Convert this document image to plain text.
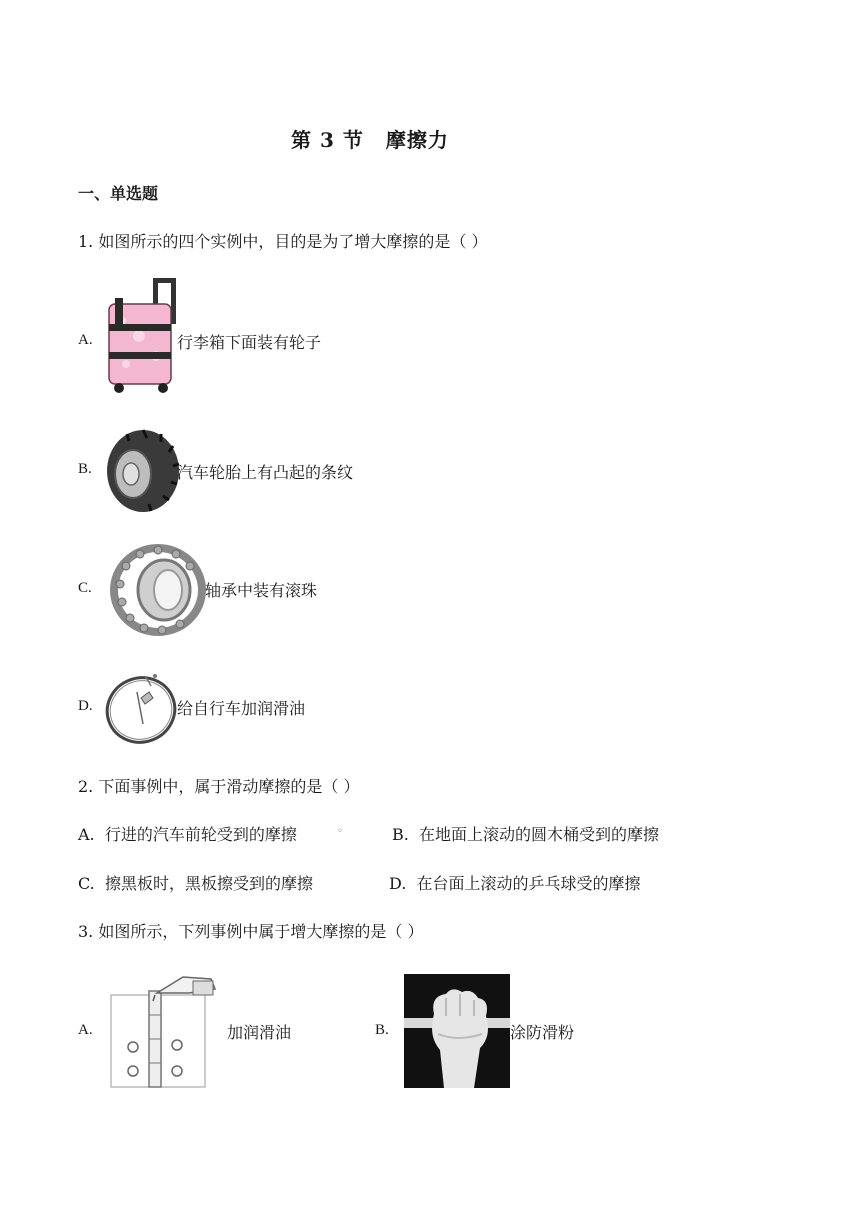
第 3 节 摩擦力
一、单选题
1. 如图所示的四个实例中，目的是为了增大摩擦的是（ ）
A.	行李箱下面装有轮子
B.	汽车轮胎上有凸起的条纹
C.	轴承中装有滚珠
D.	给自行车加润滑油
2. 下面事例中，属于滑动摩擦的是（ ）
A. 行进的汽车前轮受到的摩擦	◦	B. 在地面上滚动的圆木桶受到的摩擦
C. 擦黑板时，黑板擦受到的摩擦	D. 在台面上滚动的乒乓球受的摩擦
3. 如图所示，下列事例中属于增大摩擦的是（ ）
A.	加润滑油	B.	涂防滑粉
